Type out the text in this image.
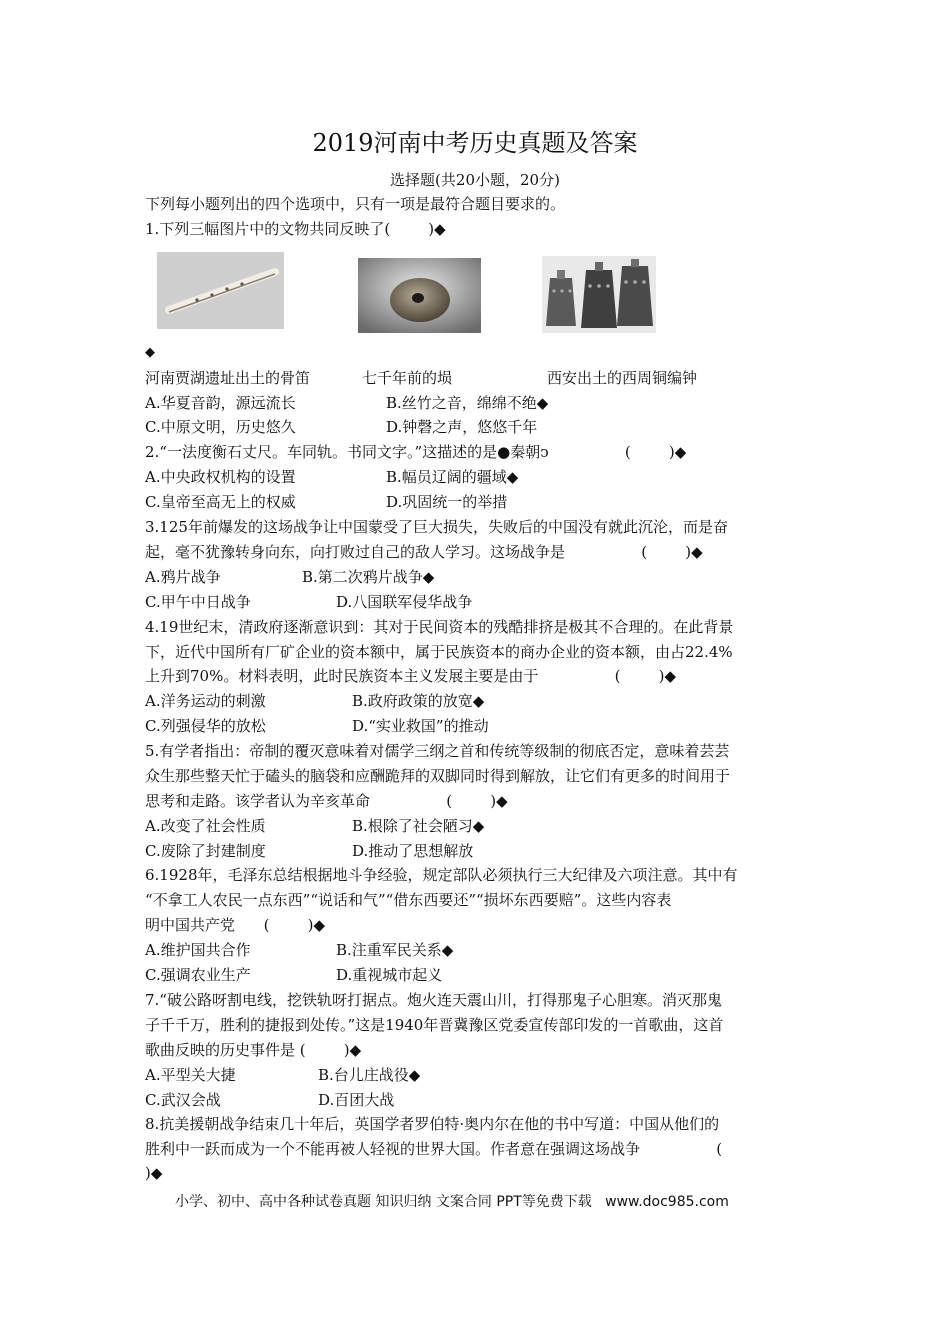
2019河南中考历史真题及答案
选择题(共20小题，20分)
下列每小题列出的四个选项中，只有一项是最符合题目要求的。
1.下列三幅图片中的文物共同反映了(        )◆
◆
河南贾湖遗址出土的骨笛	七千年前的埙	西安出土的西周铜编钟
A.华夏音韵，源远流长	B.丝竹之音，绵绵不绝◆
C.中原文明，历史悠久	D.钟磬之声，悠悠千年
2.“一法度衡石丈尺。车同轨。书同文字。”这描述的是●秦朝ↄ                (        )◆
A.中央政权机构的设置	B.幅员辽阔的疆域◆
C.皇帝至高无上的权威	D.巩固统一的举措
3.125年前爆发的这场战争让中国蒙受了巨大损失，失败后的中国没有就此沉沦，而是奋
起，毫不犹豫转身向东，向打败过自己的敌人学习。这场战争是                (        )◆
A.鸦片战争	B.第二次鸦片战争◆
C.甲午中日战争	D.八国联军侵华战争
4.19世纪末，清政府逐渐意识到：其对于民间资本的残酷排挤是极其不合理的。在此背景
下，近代中国所有厂矿企业的资本额中，属于民族资本的商办企业的资本额，由占22.4%
上升到70%。材料表明，此时民族资本主义发展主要是由于                (        )◆
A.洋务运动的刺激	B.政府政策的放宽◆
C.列强侵华的放松	D.“实业救国”的推动
5.有学者指出：帝制的覆灭意味着对儒学三纲之首和传统等级制的彻底否定，意味着芸芸
众生那些整天忙于磕头的脑袋和应酬跪拜的双脚同时得到解放，让它们有更多的时间用于
思考和走路。该学者认为辛亥革命                (        )◆
A.改变了社会性质	B.根除了社会陋习◆
C.废除了封建制度	D.推动了思想解放
6.1928年，毛泽东总结根据地斗争经验，规定部队必须执行三大纪律及六项注意。其中有
“不拿工人农民一点东西”“说话和气”“借东西要还”“损坏东西要赔”。这些内容表
明中国共产党      (        )◆
A.维护国共合作	B.注重军民关系◆
C.强调农业生产	D.重视城市起义
7.“破公路呀割电线，挖铁轨呀打据点。炮火连天震山川，打得那鬼子心胆寒。消灭那鬼
子千千万，胜利的捷报到处传。”这是1940年晋冀豫区党委宣传部印发的一首歌曲，这首
歌曲反映的历史事件是 (        )◆
A.平型关大捷	B.台儿庄战役◆
C.武汉会战	D.百团大战
8.抗美援朝战争结束几十年后，英国学者罗伯特·奥内尔在他的书中写道：中国从他们的
胜利中一跃而成为一个不能再被人轻视的世界大国。作者意在强调这场战争                (
)◆
小学、初中、高中各种试卷真题 知识归纳 文案合同 PPT等免费下载   www.doc985.com
